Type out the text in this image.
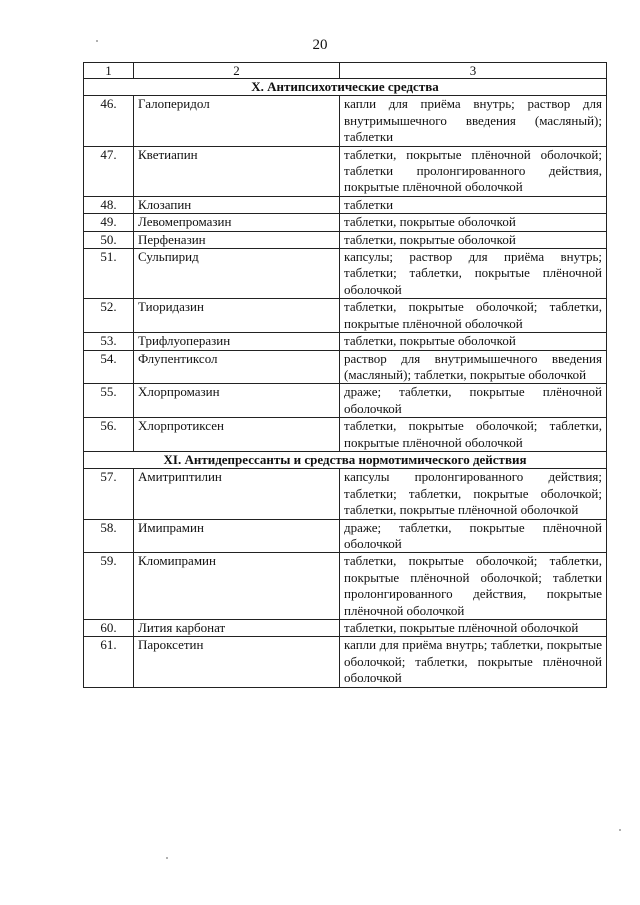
20
1	2	3
X. Антипсихотические средства		
46.	Галоперидол	капли для приёма внутрь; раствор для внутримышечного введения (масляный); таблетки
47.	Кветиапин	таблетки, покрытые плёночной оболочкой; таблетки пролонгированного действия, покрытые плёночной оболочкой
48.	Клозапин	таблетки
49.	Левомепромазин	таблетки, покрытые оболочкой
50.	Перфеназин	таблетки, покрытые оболочкой
51.	Сульпирид	капсулы; раствор для приёма внутрь; таблетки; таблетки, покрытые плёночной оболочкой
52.	Тиоридазин	таблетки, покрытые оболочкой; таблетки, покрытые плёночной оболочкой
53.	Трифлуоперазин	таблетки, покрытые оболочкой
54.	Флупентиксол	раствор для внутримышечного введения (масляный); таблетки, покрытые оболочкой
55.	Хлорпромазин	драже; таблетки, покрытые плёночной оболочкой
56.	Хлорпротиксен	таблетки, покрытые оболочкой; таблетки, покрытые плёночной оболочкой
XI. Антидепрессанты и средства нормотимического действия		
57.	Амитриптилин	капсулы пролонгированного действия; таблетки; таблетки, покрытые оболочкой; таблетки, покрытые плёночной оболочкой
58.	Имипрамин	драже; таблетки, покрытые плёночной оболочкой
59.	Кломипрамин	таблетки, покрытые оболочкой; таблетки, покрытые плёночной оболочкой; таблетки пролонгированного действия, покрытые плёночной оболочкой
60.	Лития карбонат	таблетки, покрытые плёночной оболочкой
61.	Пароксетин	капли для приёма внутрь; таблетки, покрытые оболочкой; таблетки, покрытые плёночной оболочкой
